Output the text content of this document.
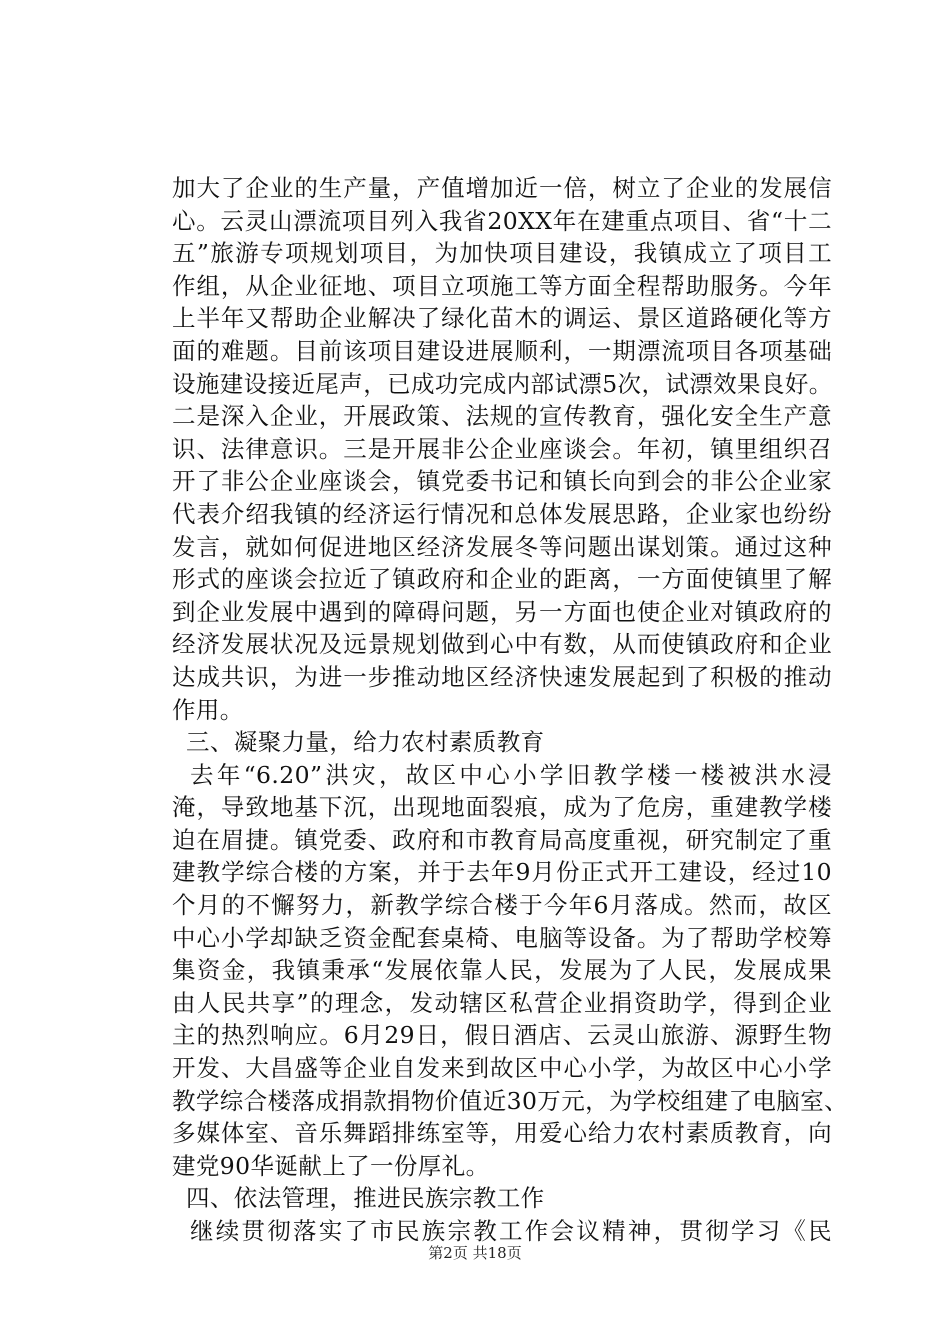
加大了企业的生产量，产值增加近一倍，树立了企业的发展信
心。云灵山漂流项目列入我省20XX年在建重点项目、省“十二
五”旅游专项规划项目，为加快项目建设，我镇成立了项目工
作组，从企业征地、项目立项施工等方面全程帮助服务。今年
上半年又帮助企业解决了绿化苗木的调运、景区道路硬化等方
面的难题。目前该项目建设进展顺利，一期漂流项目各项基础
设施建设接近尾声，已成功完成内部试漂5次，试漂效果良好。
二是深入企业，开展政策、法规的宣传教育，强化安全生产意
识、法律意识。三是开展非公企业座谈会。年初，镇里组织召
开了非公企业座谈会，镇党委书记和镇长向到会的非公企业家
代表介绍我镇的经济运行情况和总体发展思路，企业家也纷纷
发言，就如何促进地区经济发展冬等问题出谋划策。通过这种
形式的座谈会拉近了镇政府和企业的距离，一方面使镇里了解
到企业发展中遇到的障碍问题，另一方面也使企业对镇政府的
经济发展状况及远景规划做到心中有数，从而使镇政府和企业
达成共识，为进一步推动地区经济快速发展起到了积极的推动
作用。
三、凝聚力量，给力农村素质教育
去年“6.20”洪灾，故区中心小学旧教学楼一楼被洪水浸
淹，导致地基下沉，出现地面裂痕，成为了危房，重建教学楼
迫在眉捷。镇党委、政府和市教育局高度重视，研究制定了重
建教学综合楼的方案，并于去年9月份正式开工建设，经过10
个月的不懈努力，新教学综合楼于今年6月落成。然而，故区
中心小学却缺乏资金配套桌椅、电脑等设备。为了帮助学校筹
集资金，我镇秉承“发展依靠人民，发展为了人民，发展成果
由人民共享”的理念，发动辖区私营企业捐资助学，得到企业
主的热烈响应。6月29日，假日酒店、云灵山旅游、源野生物
开发、大昌盛等企业自发来到故区中心小学，为故区中心小学
教学综合楼落成捐款捐物价值近30万元，为学校组建了电脑室、
多媒体室、音乐舞蹈排练室等，用爱心给力农村素质教育，向
建党90华诞献上了一份厚礼。
四、依法管理，推进民族宗教工作
继续贯彻落实了市民族宗教工作会议精神，贯彻学习《民
第2页 共18页
